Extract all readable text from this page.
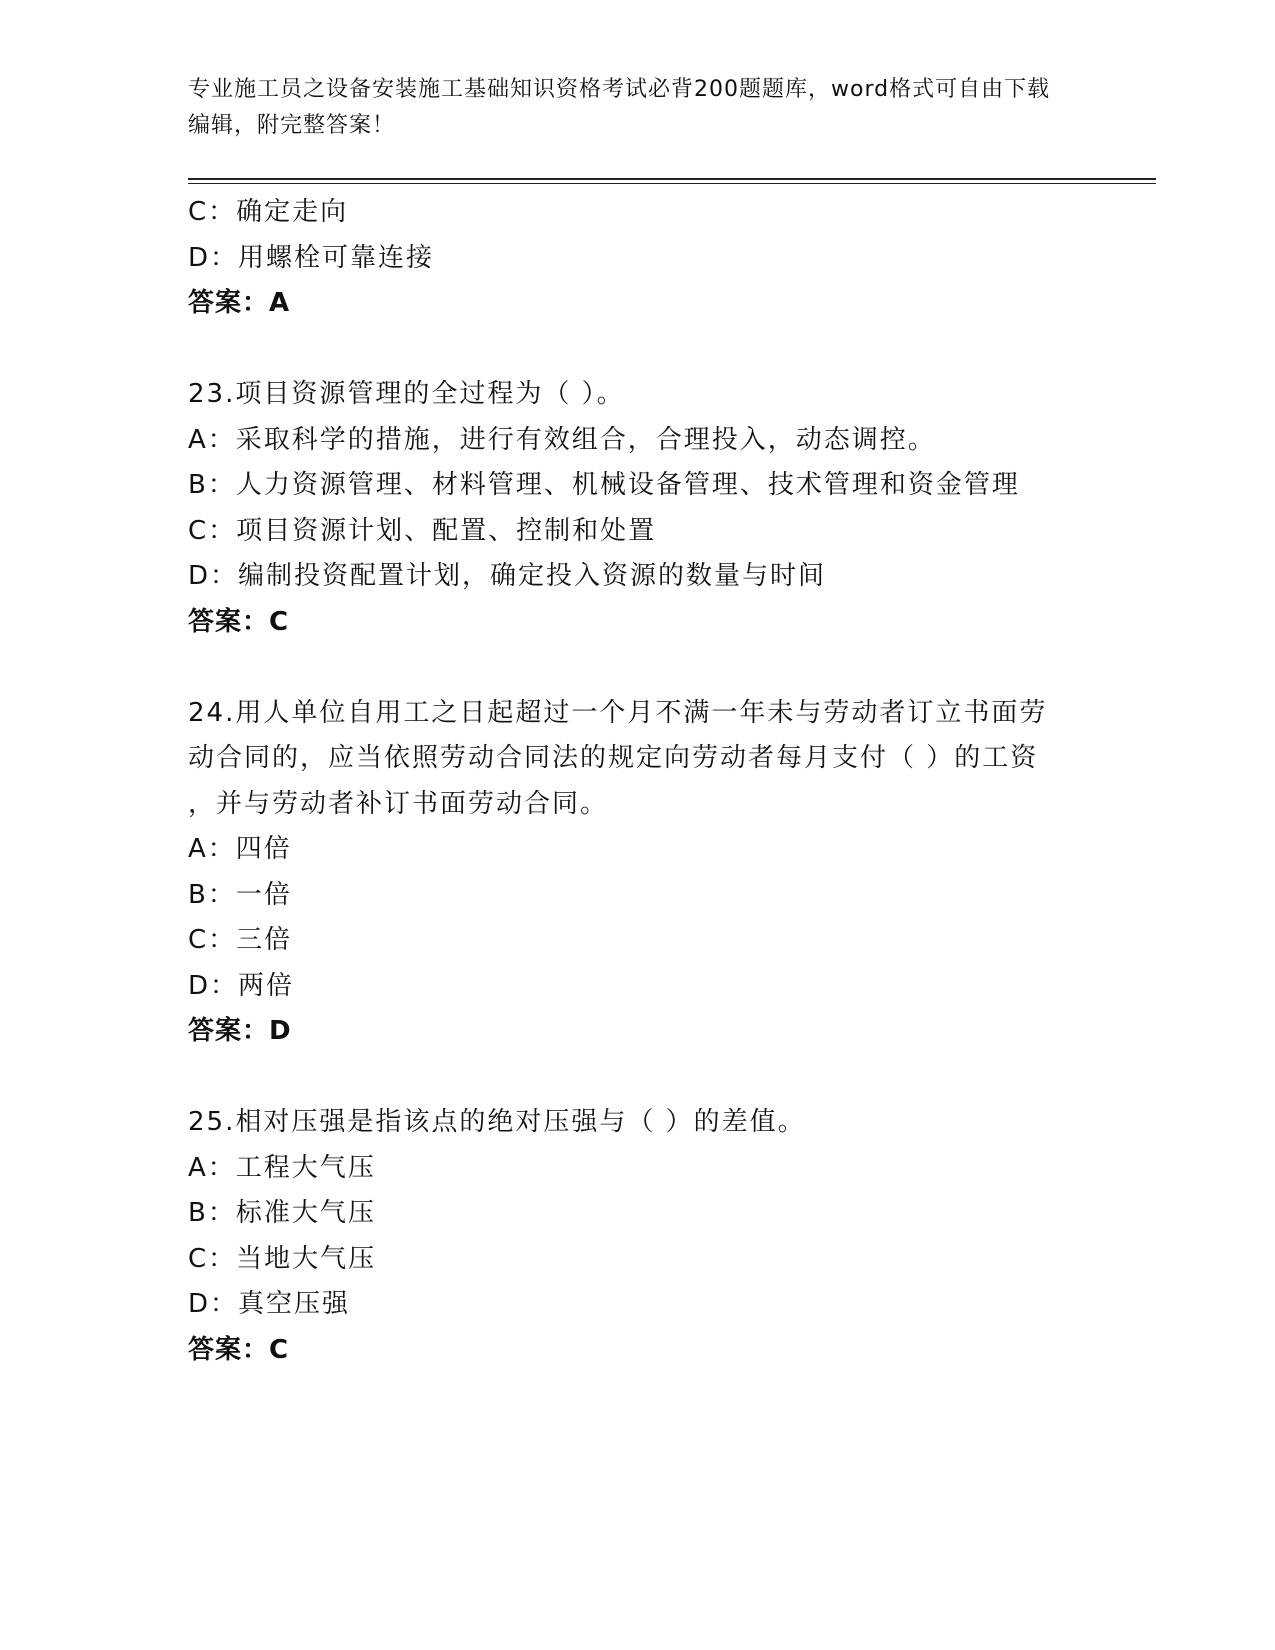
专业施工员之设备安装施工基础知识资格考试必背200题题库，word格式可自由下载编辑，附完整答案！
C：确定走向
D：用螺栓可靠连接
答案：A
23.项目资源管理的全过程为（ ）。
A：采取科学的措施，进行有效组合，合理投入，动态调控。
B：人力资源管理、材料管理、机械设备管理、技术管理和资金管理
C：项目资源计划、配置、控制和处置
D：编制投资配置计划，确定投入资源的数量与时间
答案：C
24.用人单位自用工之日起超过一个月不满一年未与劳动者订立书面劳
动合同的，应当依照劳动合同法的规定向劳动者每月支付（ ）的工资
，并与劳动者补订书面劳动合同。
A：四倍
B：一倍
C：三倍
D：两倍
答案：D
25.相对压强是指该点的绝对压强与（ ）的差值。
A：工程大气压
B：标准大气压
C：当地大气压
D：真空压强
答案：C
